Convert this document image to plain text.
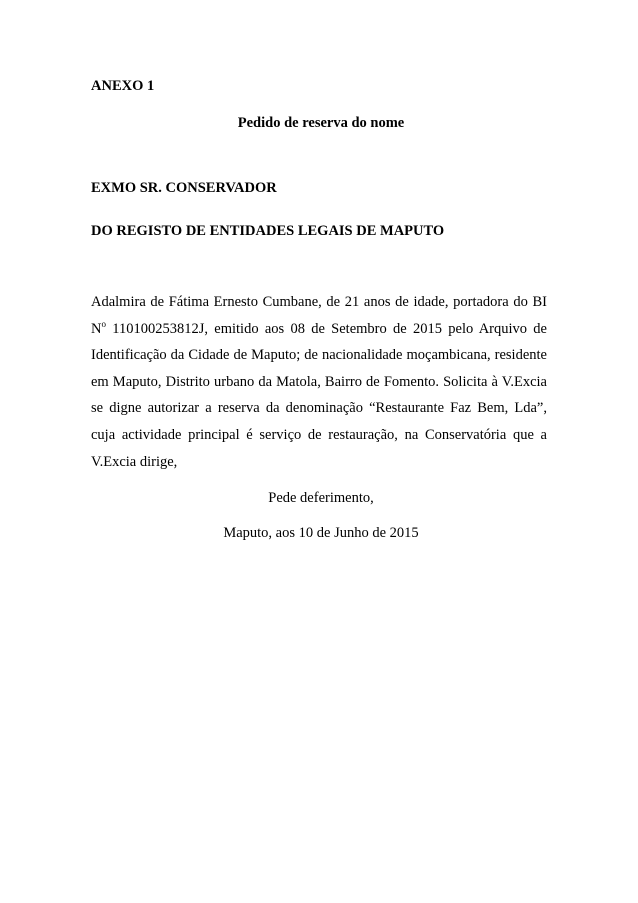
ANEXO 1
Pedido de reserva do nome
EXMO SR. CONSERVADOR
DO REGISTO DE ENTIDADES LEGAIS DE MAPUTO
Adalmira de Fátima Ernesto Cumbane, de 21 anos de idade, portadora do BI $N^o$ 110100253812J, emitido aos 08 de Setembro de 2015 pelo Arquivo de Identificação da Cidade de Maputo; de nacionalidade moçambicana, residente em Maputo, Distrito urbano da Matola, Bairro de Fomento. Solicita à V.Excia se digne autorizar a reserva da denominação “Restaurante Faz Bem, Lda”, cuja actividade principal é serviço de restauração, na Conservatória que a V.Excia dirige,
Pede deferimento,
Maputo, aos 10 de Junho de 2015
